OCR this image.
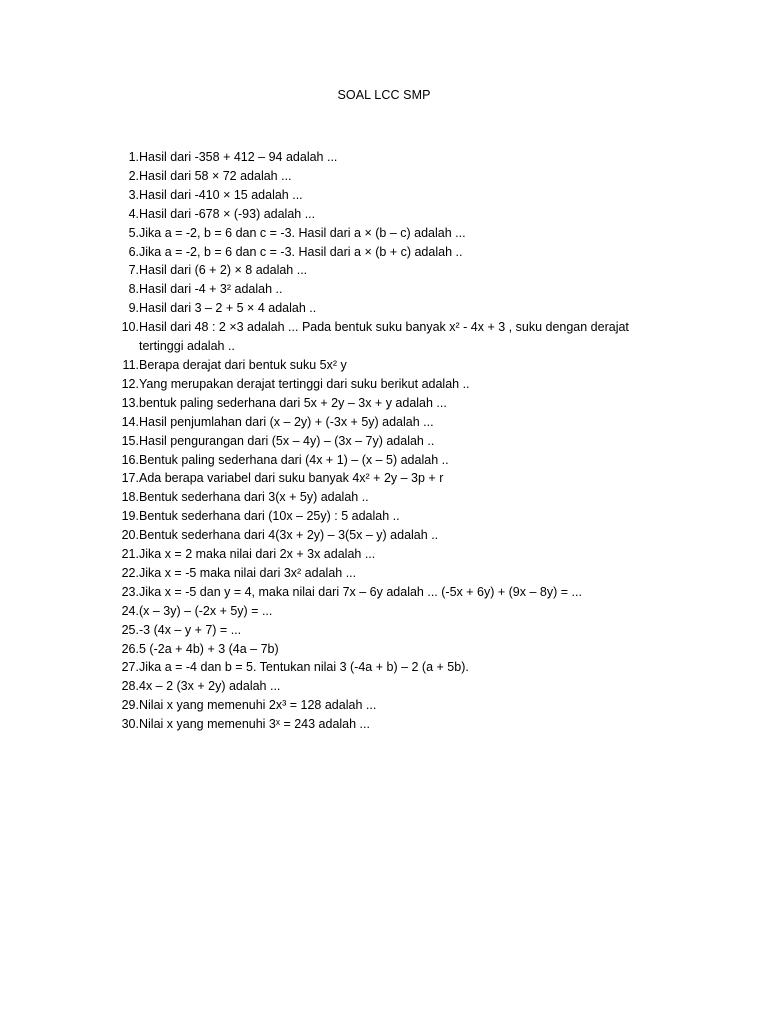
SOAL LCC SMP
1. Hasil dari -358 + 412 – 94 adalah ...
2. Hasil dari 58 × 72 adalah ...
3. Hasil dari -410 × 15 adalah ...
4. Hasil dari -678 × (-93) adalah ...
5. Jika a = -2, b = 6 dan c = -3. Hasil dari a × (b – c) adalah ...
6. Jika a = -2, b = 6 dan c = -3. Hasil dari a × (b + c) adalah ..
7. Hasil dari (6 + 2) × 8 adalah ...
8. Hasil dari -4 + 3² adalah ..
9. Hasil dari 3 – 2 + 5 × 4 adalah ..
10. Hasil dari 48 : 2 ×3 adalah ... Pada bentuk suku banyak x² - 4x + 3 , suku dengan derajat tertinggi adalah ..
11. Berapa derajat dari bentuk suku 5x² y
12. Yang merupakan derajat tertinggi dari suku berikut adalah ..
13. bentuk paling sederhana dari 5x + 2y – 3x + y adalah ...
14. Hasil penjumlahan dari (x – 2y) + (-3x + 5y) adalah ...
15. Hasil pengurangan dari (5x – 4y) – (3x – 7y) adalah ..
16. Bentuk paling sederhana dari (4x + 1) – (x – 5) adalah ..
17. Ada berapa variabel dari suku banyak 4x² + 2y – 3p + r
18. Bentuk sederhana dari 3(x + 5y) adalah ..
19. Bentuk sederhana dari (10x – 25y) : 5 adalah ..
20. Bentuk sederhana dari 4(3x + 2y) – 3(5x – y) adalah ..
21. Jika x = 2 maka nilai dari 2x + 3x adalah ...
22. Jika x = -5 maka nilai dari 3x² adalah ...
23. Jika x = -5 dan y = 4, maka nilai dari 7x – 6y adalah ... (-5x + 6y) + (9x – 8y) = ...
24. (x – 3y) – (-2x + 5y) = ...
25. -3 (4x – y + 7) = ...
26. 5 (-2a + 4b) + 3 (4a – 7b)
27. Jika a = -4 dan b = 5. Tentukan nilai 3 (-4a + b) – 2 (a + 5b).
28. 4x – 2 (3x + 2y) adalah ...
29. Nilai x yang memenuhi 2x³ = 128 adalah ...
30. Nilai x yang memenuhi 3ˣ = 243 adalah ...
